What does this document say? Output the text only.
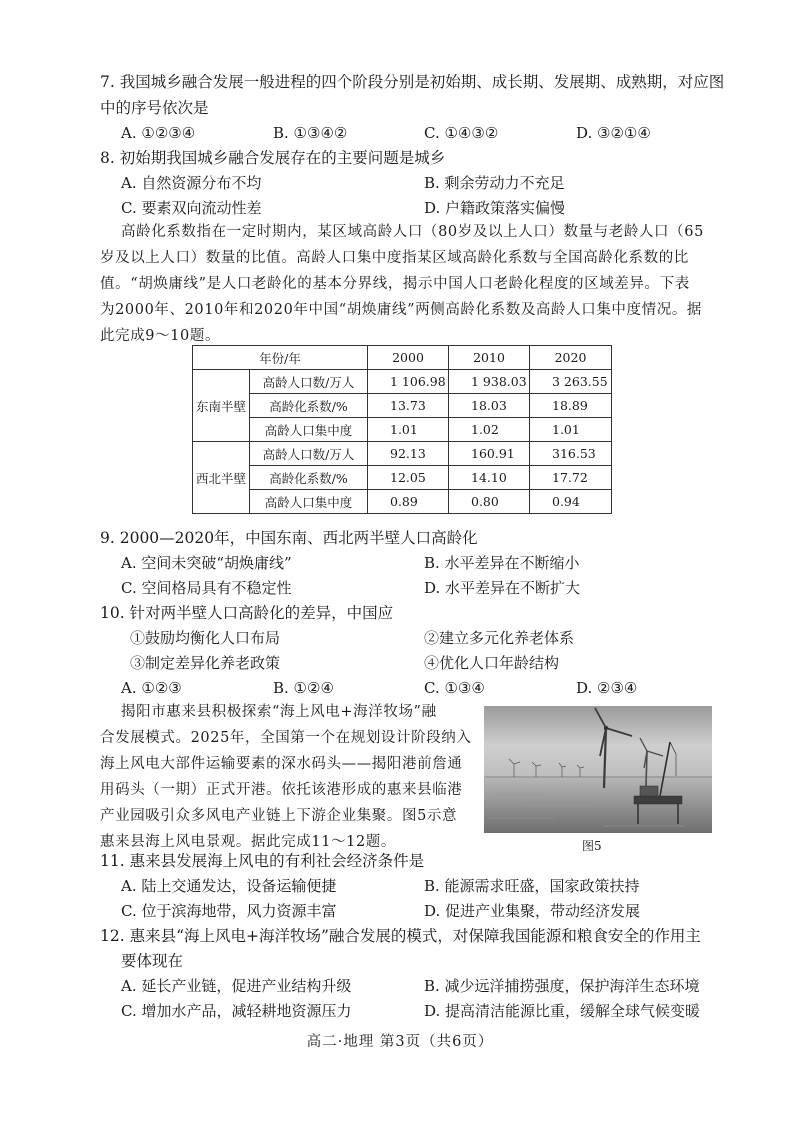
7. 我国城乡融合发展一般进程的四个阶段分别是初始期、成长期、发展期、成熟期，对应图
中的序号依次是
A. ①②③④	B. ①③④②	C. ①④③②	D. ③②①④
8. 初始期我国城乡融合发展存在的主要问题是城乡
A. 自然资源分布不均	B. 剩余劳动力不充足
C. 要素双向流动性差	D. 户籍政策落实偏慢
高龄化系数指在一定时期内，某区域高龄人口（80岁及以上人口）数量与老龄人口（65
岁及以上人口）数量的比值。高龄人口集中度指某区域高龄化系数与全国高龄化系数的比
值。“胡焕庸线”是人口老龄化的基本分界线，揭示中国人口老龄化程度的区域差异。下表
为2000年、2010年和2020年中国“胡焕庸线”两侧高龄化系数及高龄人口集中度情况。据
此完成9～10题。
年份/年		2000	2010	2020
东南半壁	高龄人口数/万人	1 106.98	1 938.03	3 263.55
	高龄化系数/%	13.73	18.03	18.89
	高龄人口集中度	1.01	1.02	1.01
西北半壁	高龄人口数/万人	92.13	160.91	316.53
	高龄化系数/%	12.05	14.10	17.72
	高龄人口集中度	0.89	0.80	0.94
9. 2000—2020年，中国东南、西北两半壁人口高龄化
A. 空间未突破“胡焕庸线”	B. 水平差异在不断缩小
C. 空间格局具有不稳定性	D. 水平差异在不断扩大
10. 针对两半壁人口高龄化的差异，中国应
①鼓励均衡化人口布局	②建立多元化养老体系
③制定差异化养老政策	④优化人口年龄结构
A. ①②③	B. ①②④	C. ①③④	D. ②③④
揭阳市惠来县积极探索“海上风电+海洋牧场”融
合发展模式。2025年，全国第一个在规划设计阶段纳入
海上风电大部件运输要素的深水码头——揭阳港前詹通
用码头（一期）正式开港。依托该港形成的惠来县临港
产业园吸引众多风电产业链上下游企业集聚。图5示意
惠来县海上风电景观。据此完成11～12题。	图5
11. 惠来县发展海上风电的有利社会经济条件是
A. 陆上交通发达，设备运输便捷	B. 能源需求旺盛，国家政策扶持
C. 位于滨海地带，风力资源丰富	D. 促进产业集聚，带动经济发展
12. 惠来县“海上风电+海洋牧场”融合发展的模式，对保障我国能源和粮食安全的作用主
要体现在
A. 延长产业链，促进产业结构升级	B. 减少远洋捕捞强度，保护海洋生态环境
C. 增加水产品，减轻耕地资源压力	D. 提高清洁能源比重，缓解全球气候变暖
高二·地理 第3页（共6页）
